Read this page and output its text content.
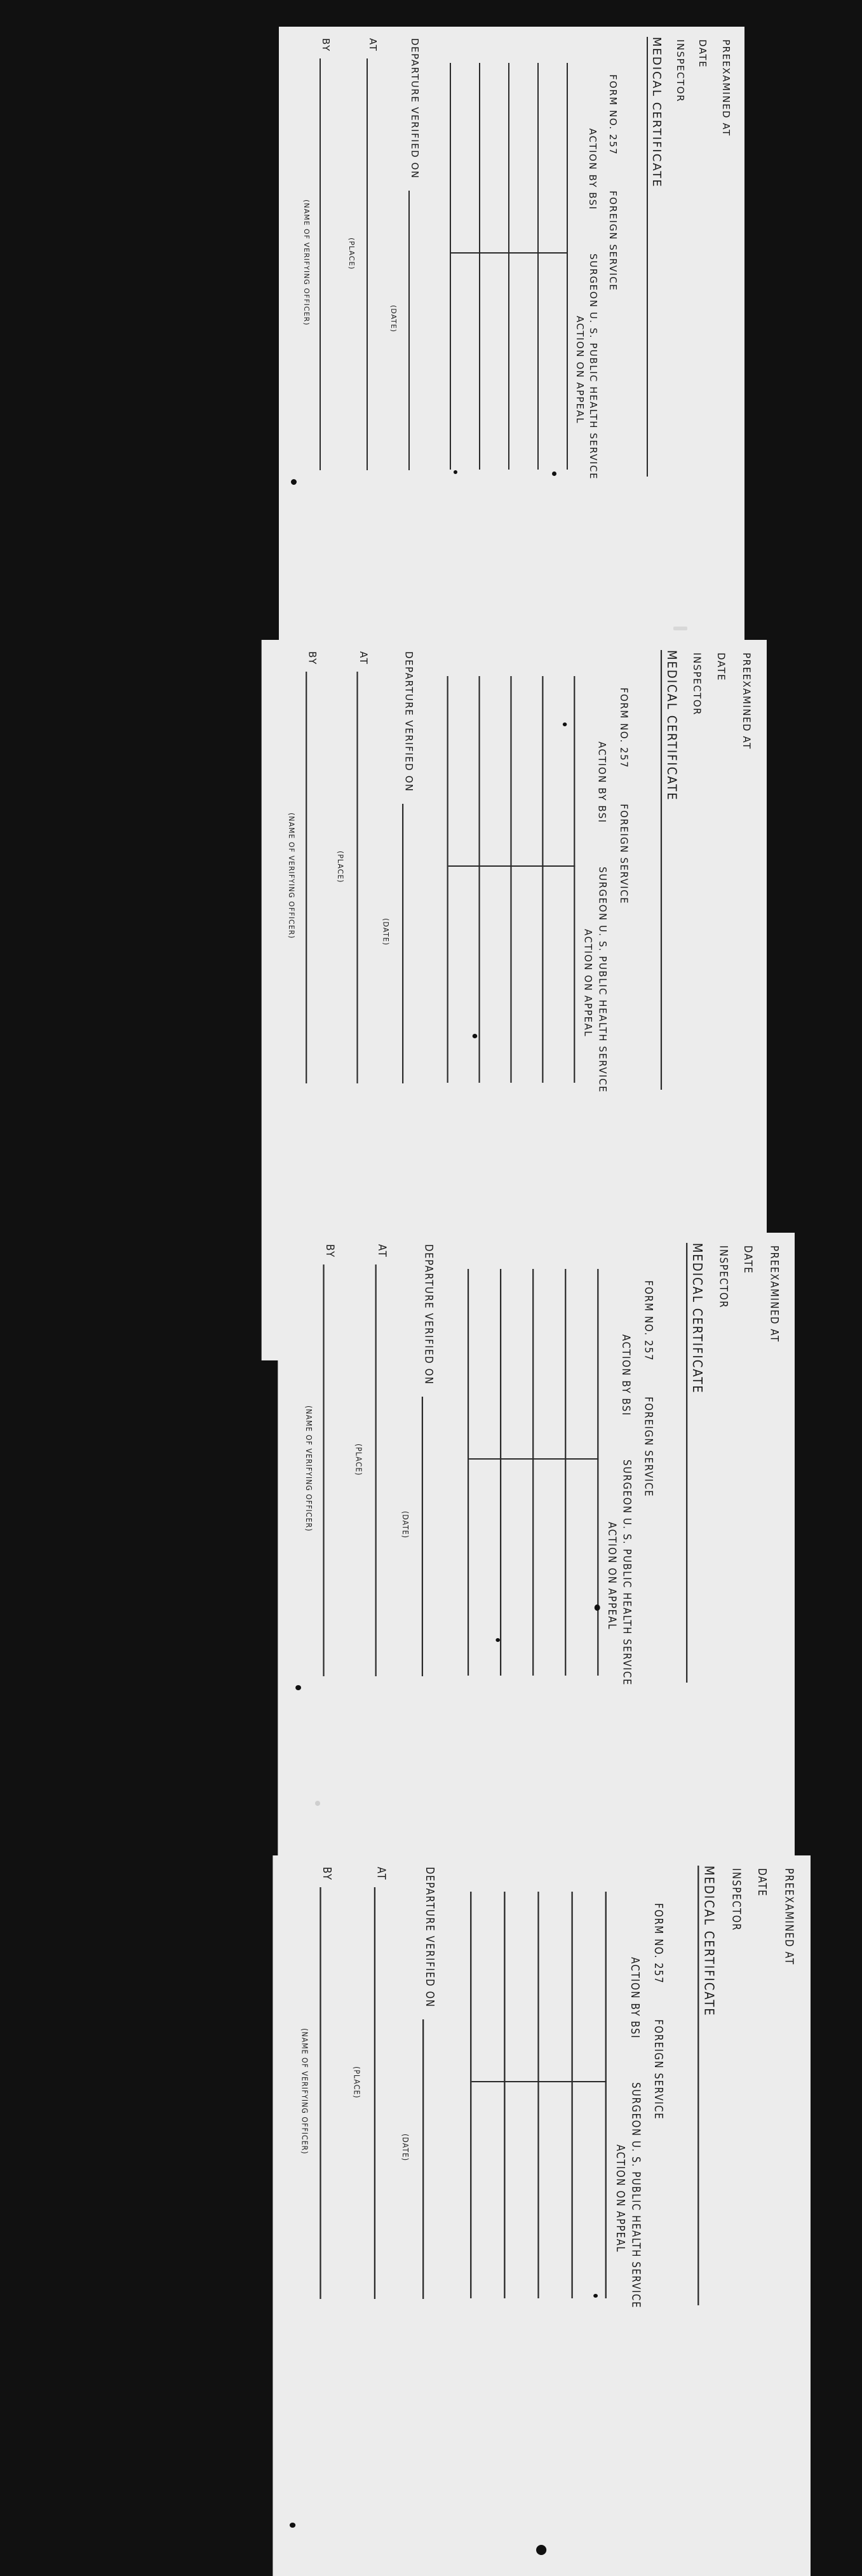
PREEXAMINED AT
DATE
INSPECTOR
MEDICAL CERTIFICATE
FORM NO. 257
FOREIGN SERVICE
ACTION BY BSI
SURGEON U. S. PUBLIC HEALTH SERVICE
ACTION ON APPEAL
DEPARTURE VERIFIED ON
(DATE)
AT
(PLACE)
BY
(NAME OF VERIFYING OFFICER)
PREEXAMINED AT
DATE
INSPECTOR
MEDICAL CERTIFICATE
FORM NO. 257
FOREIGN SERVICE
ACTION BY BSI
SURGEON U. S. PUBLIC HEALTH SERVICE
ACTION ON APPEAL
DEPARTURE VERIFIED ON
(DATE)
AT
(PLACE)
BY
(NAME OF VERIFYING OFFICER)
PREEXAMINED AT
DATE
INSPECTOR
MEDICAL CERTIFICATE
FORM NO. 257
FOREIGN SERVICE
ACTION BY BSI
SURGEON U. S. PUBLIC HEALTH SERVICE
ACTION ON APPEAL
DEPARTURE VERIFIED ON
(DATE)
AT
(PLACE)
BY
(NAME OF VERIFYING OFFICER)
PREEXAMINED AT
DATE
INSPECTOR
MEDICAL CERTIFICATE
FORM NO. 257
FOREIGN SERVICE
ACTION BY BSI
SURGEON U. S. PUBLIC HEALTH SERVICE
ACTION ON APPEAL
DEPARTURE VERIFIED ON
(DATE)
AT
(PLACE)
BY
(NAME OF VERIFYING OFFICER)
